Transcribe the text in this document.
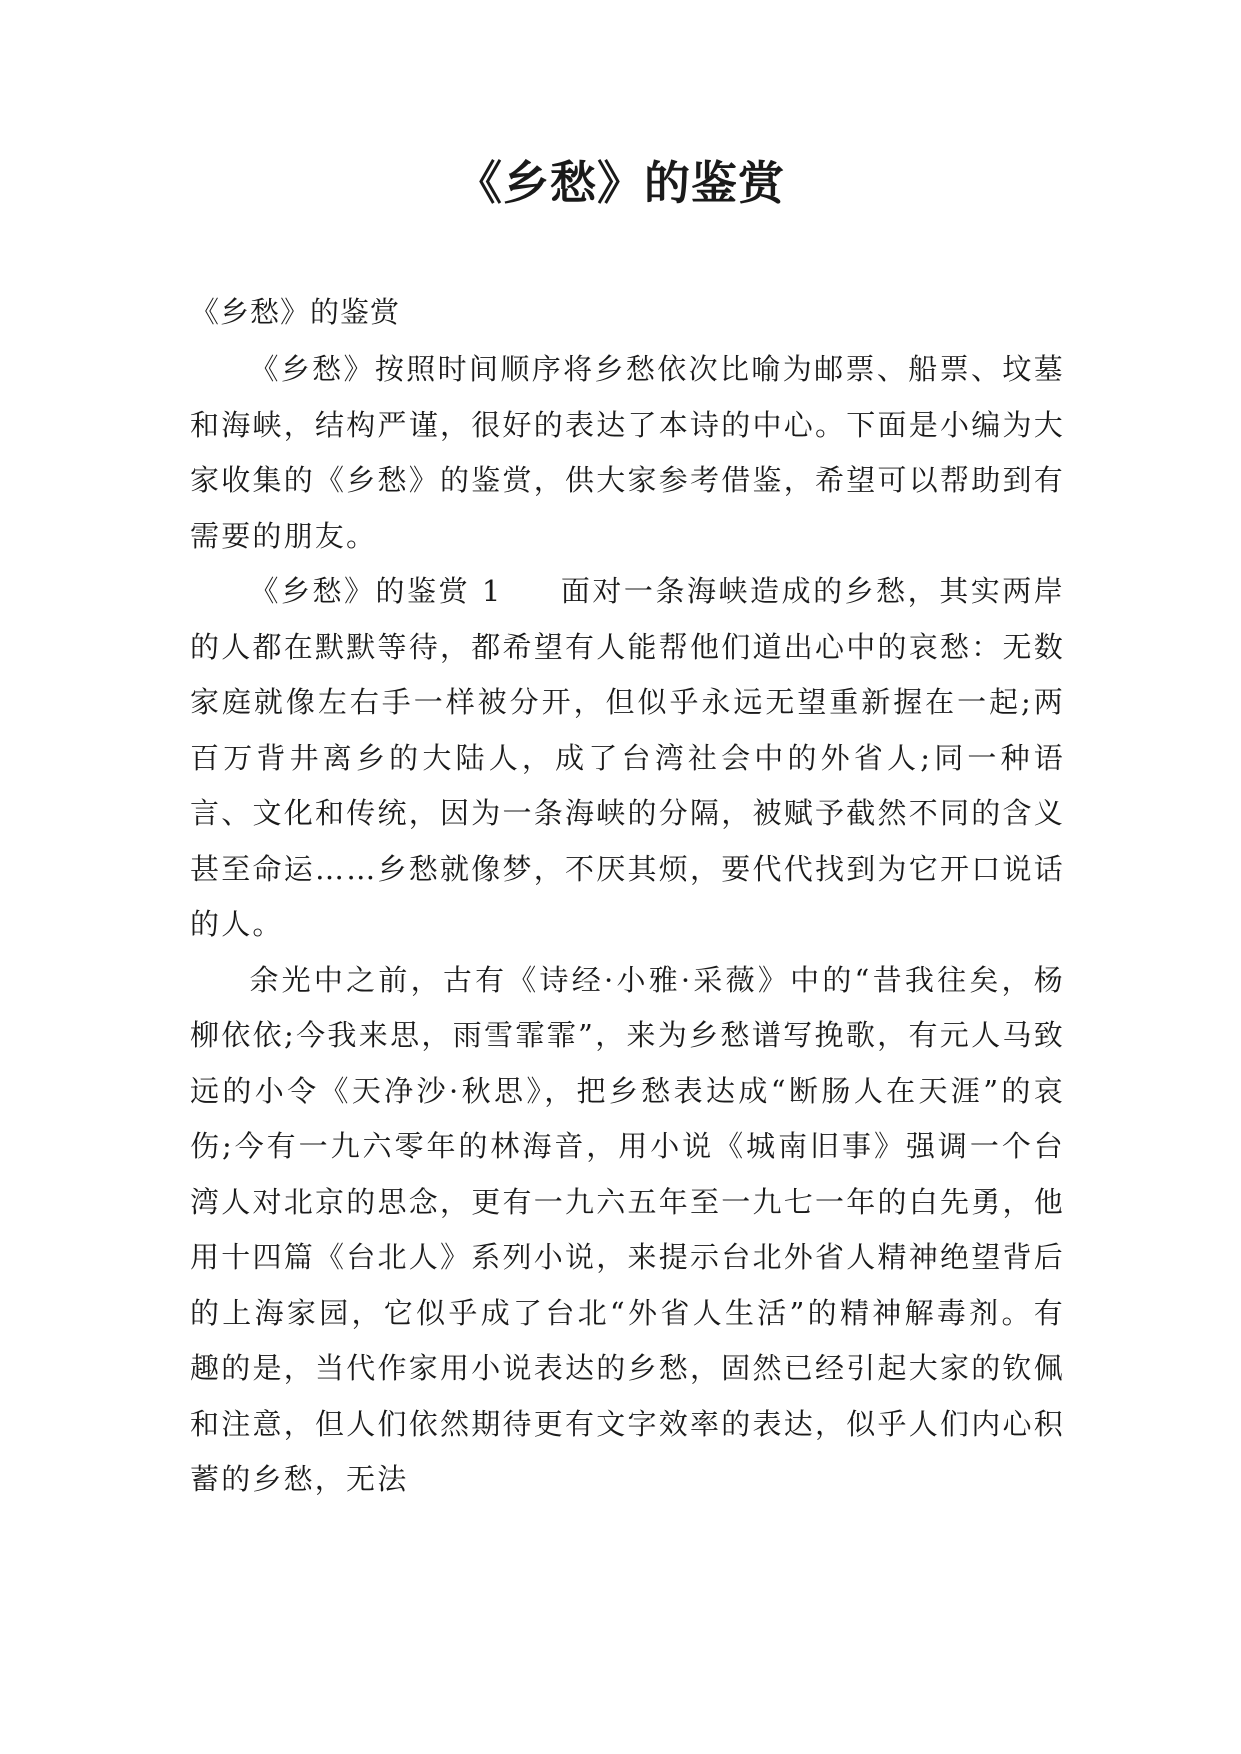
《乡愁》的鉴赏

《乡愁》的鉴赏

《乡愁》按照时间顺序将乡愁依次比喻为邮票、船票、坟墓和海峡，结构严谨，很好的表达了本诗的中心。下面是小编为大家收集的《乡愁》的鉴赏，供大家参考借鉴，希望可以帮助到有需要的朋友。

《乡愁》的鉴赏 1 面对一条海峡造成的乡愁，其实两岸的人都在默默等待，都希望有人能帮他们道出心中的哀愁：无数家庭就像左右手一样被分开，但似乎永远无望重新握在一起;两百万背井离乡的大陆人，成了台湾社会中的外省人;同一种语言、文化和传统，因为一条海峡的分隔，被赋予截然不同的含义甚至命运……乡愁就像梦，不厌其烦，要代代找到为它开口说话的人。

余光中之前，古有《诗经·小雅·采薇》中的“昔我往矣，杨柳依依;今我来思，雨雪霏霏”，来为乡愁谱写挽歌，有元人马致远的小令《天净沙·秋思》，把乡愁表达成“断肠人在天涯”的哀伤;今有一九六零年的林海音，用小说《城南旧事》强调一个台湾人对北京的思念，更有一九六五年至一九七一年的白先勇，他用十四篇《台北人》系列小说，来提示台北外省人精神绝望背后的上海家园，它似乎成了台北“外省人生活”的精神解毒剂。有趣的是，当代作家用小说表达的乡愁，固然已经引起大家的钦佩和注意，但人们依然期待更有文字效率的表达，似乎人们内心积蓄的乡愁，无法
